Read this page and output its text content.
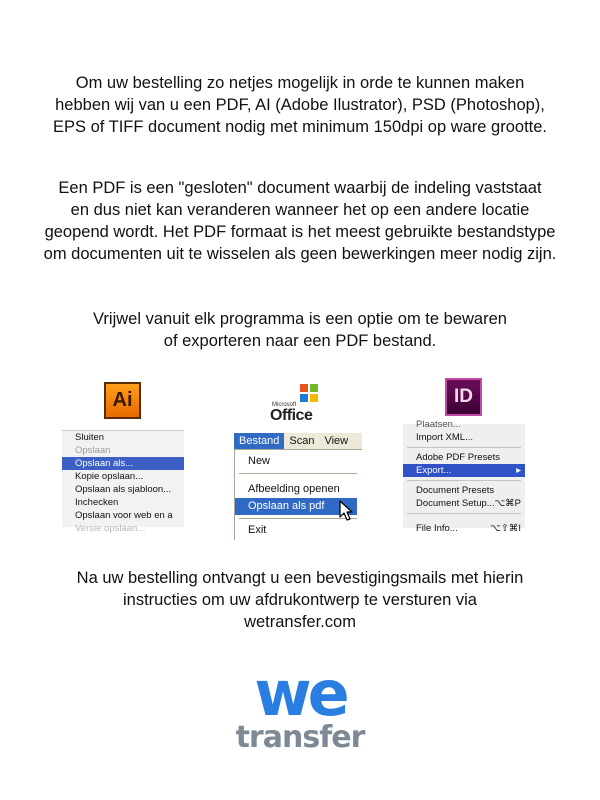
Om uw bestelling zo netjes mogelijk in orde te kunnen maken
hebben wij van u een PDF, AI (Adobe Ilustrator), PSD (Photoshop),
EPS of TIFF document nodig met minimum 150dpi op ware grootte.
Een PDF is een "gesloten" document waarbij de indeling vaststaat
en dus niet kan veranderen wanneer het op een andere locatie
geopend wordt. Het PDF formaat is het meest gebruikte bestandstype
om documenten uit te wisselen als geen bewerkingen meer nodig zijn.
Vrijwel vanuit elk programma is een optie om te bewaren
of exporteren naar een PDF bestand.
Ai
Sluiten
Opslaan
Opslaan als...
Kopie opslaan...
Opslaan als sjabloon...
Inchecken
Opslaan voor web en a
Versie opslaan...
Microsoft
Office
Bestand Scan View
New
Afbeelding openen
Opslaan als pdf
Exit
ID
Plaatsen...
Import XML...
Adobe PDF Presets
Export...	▸
Document Presets
Document Setup... ⌥⌘P
File Info...	⌥⇧⌘I
Na uw bestelling ontvangt u een bevestigingsmails met hierin
instructies om uw afdrukontwerp te versturen via
wetransfer.com
we
transfer
